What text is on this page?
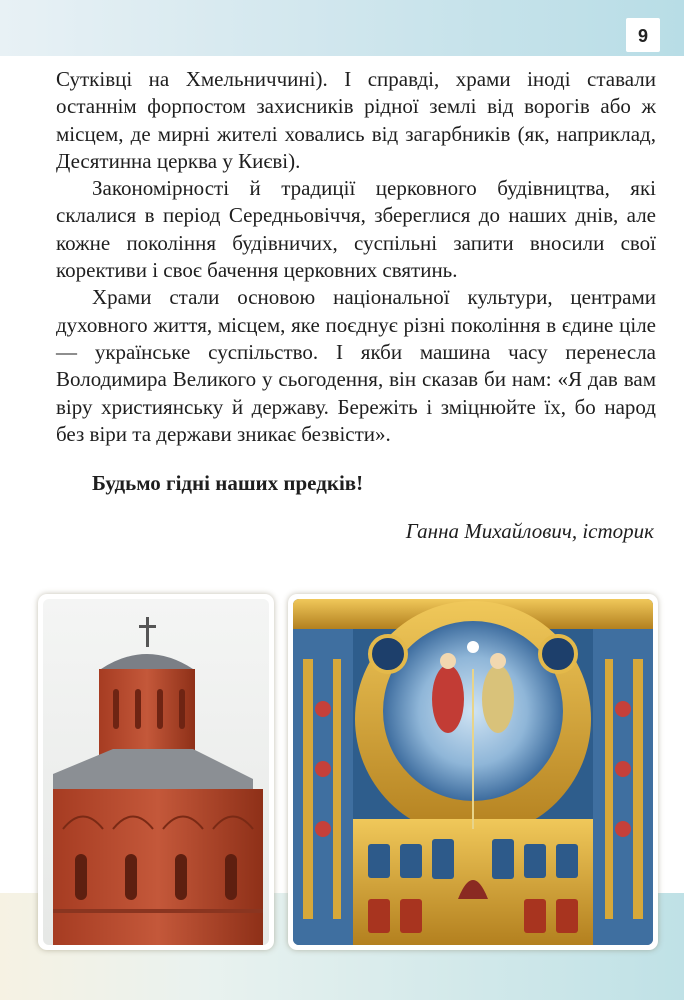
9

Сутківці на Хмельниччині). І справді, храми іноді ставали останнім форпостом захисників рідної землі від ворогів або ж місцем, де мирні жителі ховались від загарбників (як, наприклад, Десятинна церква у Києві).

Закономірності й традиції церковного будівництва, які склалися в період Середньовіччя, збереглися до наших днів, але кожне покоління будівничих, суспільні запити вносили свої корективи і своє бачення церковних святинь.

Храми стали основою національної культури, центрами духовного життя, місцем, яке поєднує різні покоління в єдине ціле — українське суспільство. І якби машина часу перенесла Володимира Великого у сьогодення, він сказав би нам: «Я дав вам віру християнську й державу. Бережіть і зміцнюйте їх, бо народ без віри та держави зникає безвісти».

Будьмо гідні наших предків!
Ганна Михайлович, історик
